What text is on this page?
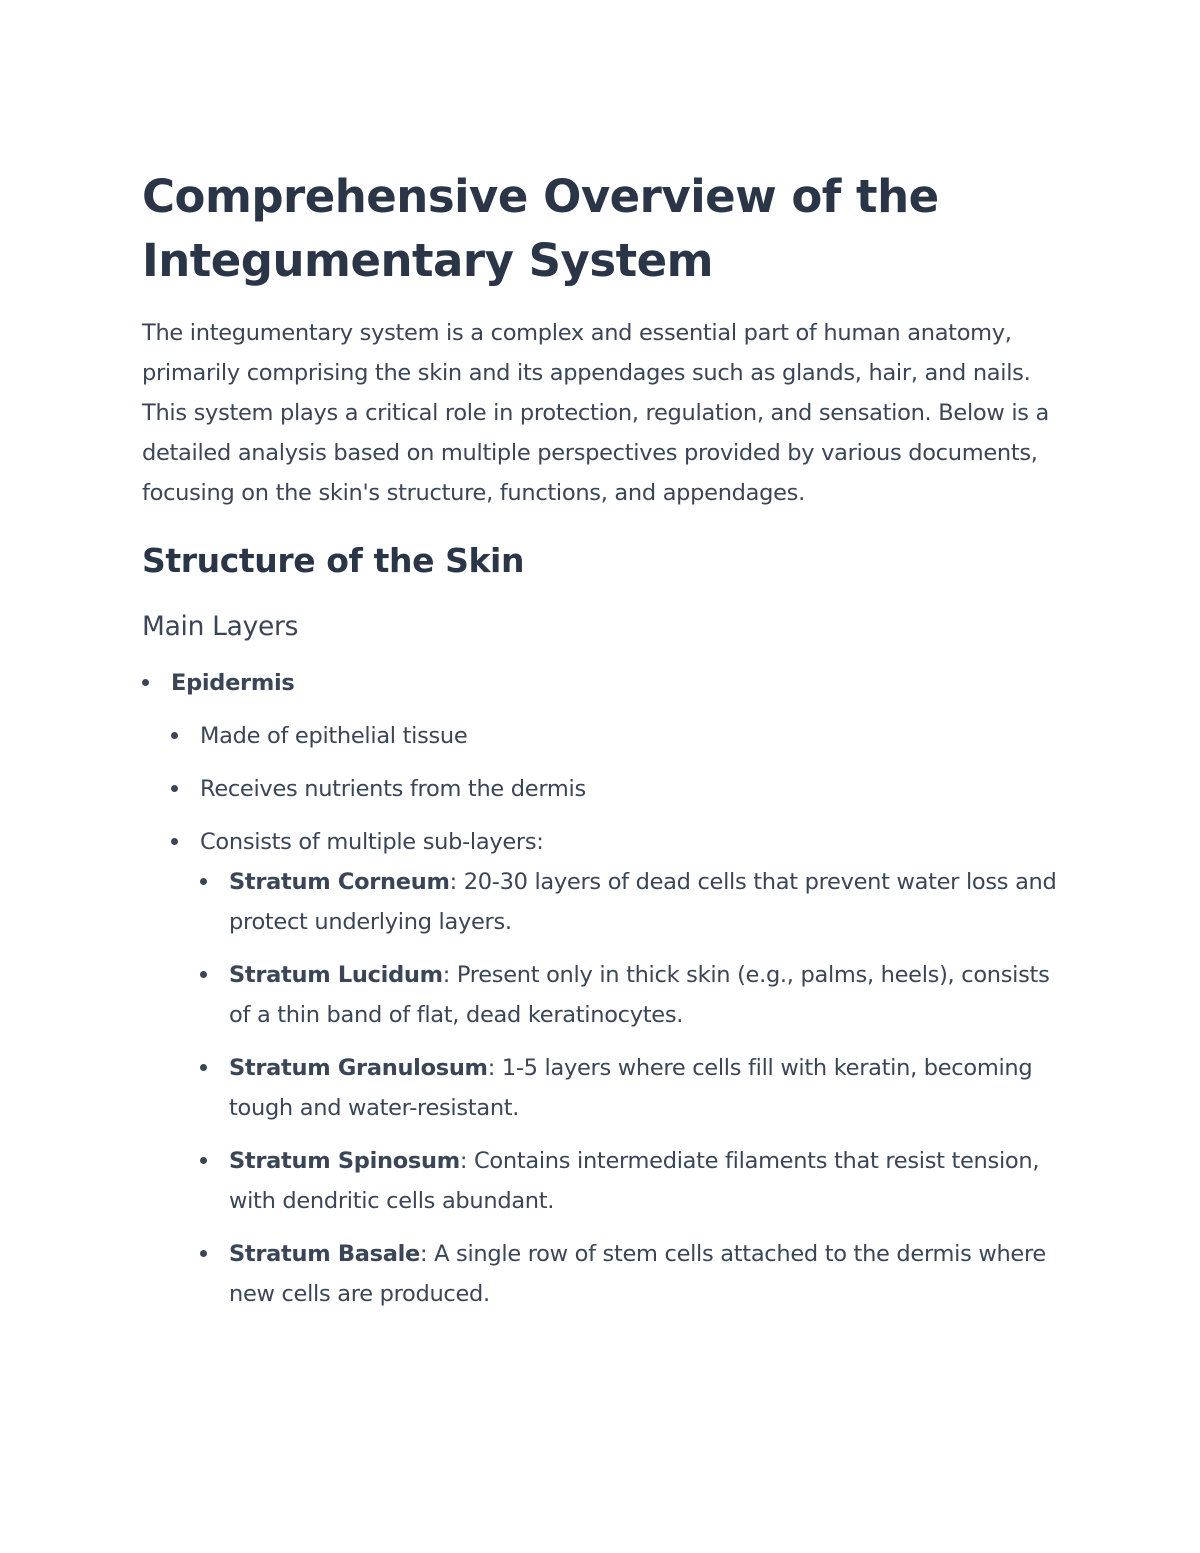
Comprehensive Overview of the Integumentary System

The integumentary system is a complex and essential part of human anatomy, primarily comprising the skin and its appendages such as glands, hair, and nails. This system plays a critical role in protection, regulation, and sensation. Below is a detailed analysis based on multiple perspectives provided by various documents, focusing on the skin's structure, functions, and appendages.

Structure of the Skin
Main Layers
Epidermis
Made of epithelial tissue
Receives nutrients from the dermis
Consists of multiple sub-layers:
Stratum Corneum: 20-30 layers of dead cells that prevent water loss and protect underlying layers.
Stratum Lucidum: Present only in thick skin (e.g., palms, heels), consists of a thin band of flat, dead keratinocytes.
Stratum Granulosum: 1-5 layers where cells fill with keratin, becoming tough and water-resistant.
Stratum Spinosum: Contains intermediate filaments that resist tension, with dendritic cells abundant.
Stratum Basale: A single row of stem cells attached to the dermis where new cells are produced.
